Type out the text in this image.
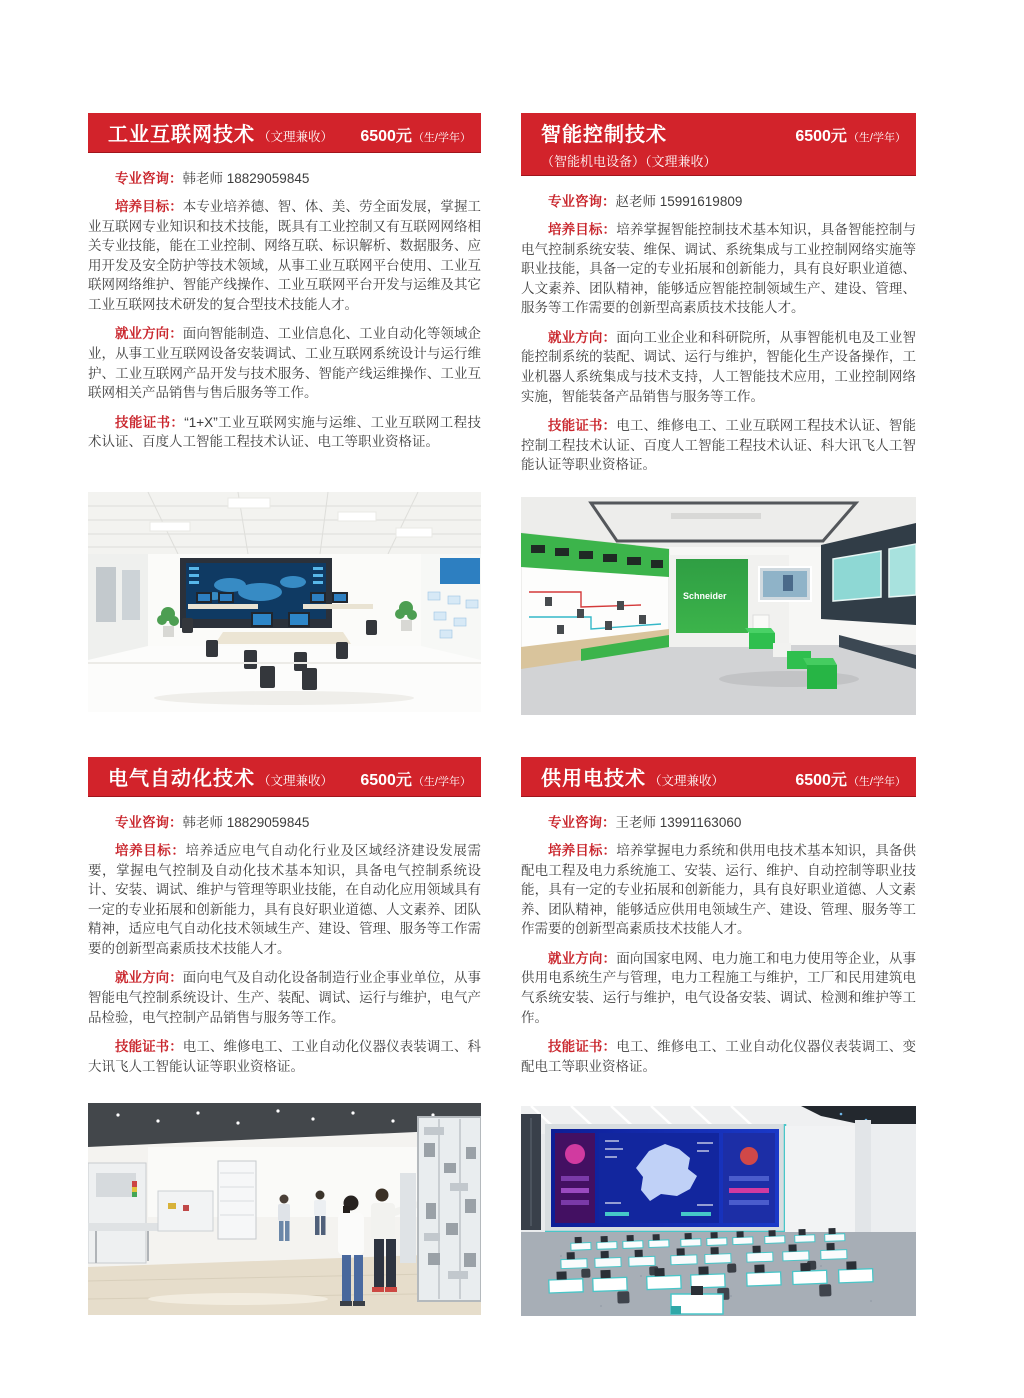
工业互联网技术 （文理兼收） 6500元 （生/学年）

专业咨询：韩老师 18829059845

培养目标：本专业培养德、智、体、美、劳全面发展，掌握工业互联网专业知识和技术技能，既具有工业控制又有互联网网络相关专业技能，能在工业控制、网络互联、标识解析、数据服务、应用开发及安全防护等技术领域，从事工业互联网平台使用、工业互联网网络维护、智能产线操作、工业互联网平台开发与运维及其它工业互联网技术研发的复合型技术技能人才。

就业方向：面向智能制造、工业信息化、工业自动化等领域企业，从事工业互联网设备安装调试、工业互联网系统设计与运行维护、工业互联网产品开发与技术服务、智能产线运维操作、工业互联网相关产品销售与售后服务等工作。

技能证书：“1+X”工业互联网实施与运维、工业互联网工程技术认证、百度人工智能工程技术认证、电工等职业资格证。

智能控制技术	6500元 （生/学年）
（智能机电设备）（文理兼收）

专业咨询：赵老师 15991619809

培养目标：培养掌握智能控制技术基本知识，具备智能控制与电气控制系统安装、维保、调试、系统集成与工业控制网络实施等职业技能，具备一定的专业拓展和创新能力，具有良好职业道德、人文素养、团队精神，能够适应智能控制领域生产、建设、管理、服务等工作需要的创新型高素质技术技能人才。

就业方向：面向工业企业和科研院所，从事智能机电及工业智能控制系统的装配、调试、运行与维护，智能化生产设备操作，工业机器人系统集成与技术支持，人工智能技术应用，工业控制网络实施，智能装备产品销售与服务等工作。

技能证书：电工、维修电工、工业互联网工程技术认证、智能控制工程技术认证、百度人工智能工程技术认证、科大讯飞人工智能认证等职业资格证。

Schneider
电气自动化技术 （文理兼收） 6500元 （生/学年）

专业咨询：韩老师 18829059845

培养目标：培养适应电气自动化行业及区域经济建设发展需要，掌握电气控制及自动化技术基本知识，具备电气控制系统设计、安装、调试、维护与管理等职业技能，在自动化应用领域具有一定的专业拓展和创新能力，具有良好职业道德、人文素养、团队精神，适应电气自动化技术领域生产、建设、管理、服务等工作需要的创新型高素质技术技能人才。

就业方向：面向电气及自动化设备制造行业企事业单位，从事智能电气控制系统设计、生产、装配、调试、运行与维护，电气产品检验，电气控制产品销售与服务等工作。

技能证书：电工、维修电工、工业自动化仪器仪表装调工、科大讯飞人工智能认证等职业资格证。

供用电技术 （文理兼收）	6500元 （生/学年）

专业咨询：王老师 13991163060

培养目标：培养掌握电力系统和供用电技术基本知识，具备供配电工程及电力系统施工、安装、运行、维护、自动控制等职业技能，具有一定的专业拓展和创新能力，具有良好职业道德、人文素养、团队精神，能够适应供用电领域生产、建设、管理、服务等工作需要的创新型高素质技术技能人才。

就业方向：面向国家电网、电力施工和电力使用等企业，从事供用电系统生产与管理，电力工程施工与维护，工厂和民用建筑电气系统安装、运行与维护，电气设备安装、调试、检测和维护等工作。

技能证书：电工、维修电工、工业自动化仪器仪表装调工、变配电工等职业资格证。
